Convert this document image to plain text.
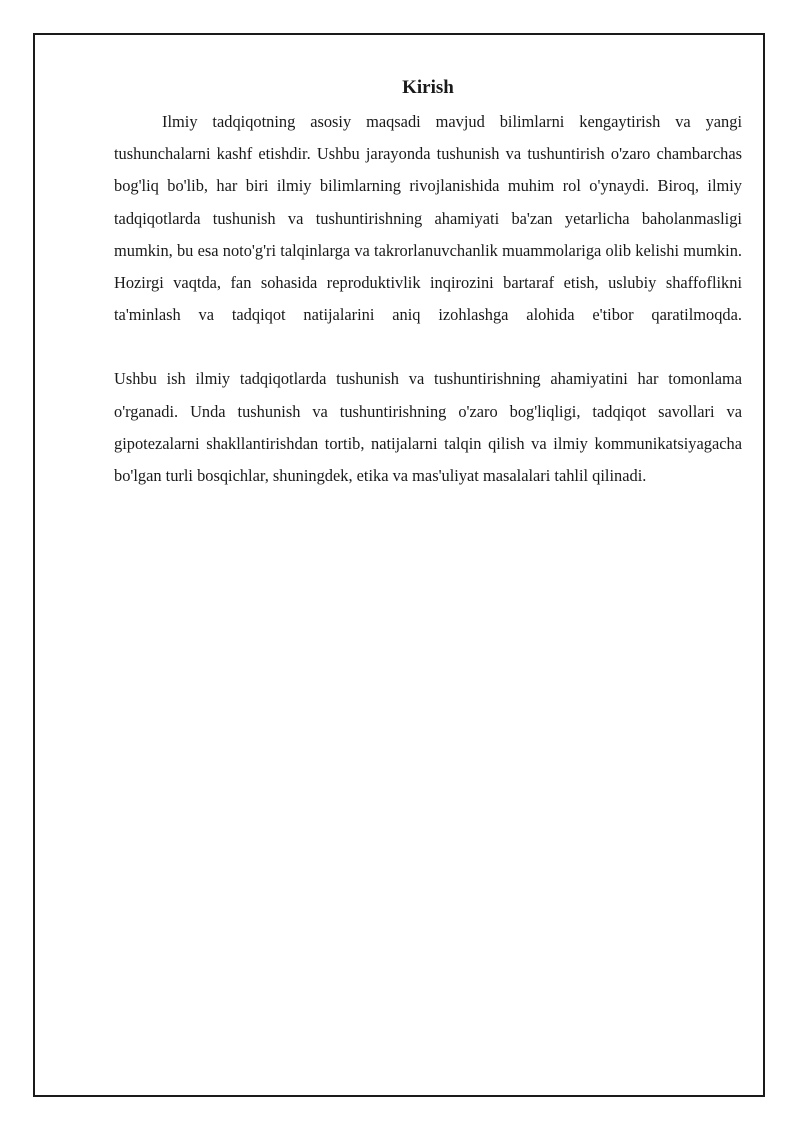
Kirish

Ilmiy tadqiqotning asosiy maqsadi mavjud bilimlarni kengaytirish va yangi tushunchalarni kashf etishdir. Ushbu jarayonda tushunish va tushuntirish o'zaro chambarchas bog'liq bo'lib, har biri ilmiy bilimlarning rivojlanishida muhim rol o'ynaydi. Biroq, ilmiy tadqiqotlarda tushunish va tushuntirishning ahamiyati ba'zan yetarlicha baholanmasligi mumkin, bu esa noto'g'ri talqinlarga va takrorlanuvchanlik muammolariga olib kelishi mumkin. Hozirgi vaqtda, fan sohasida reproduktivlik inqirozini bartaraf etish, uslubiy shaffoflikni ta'minlash va tadqiqot natijalarini aniq izohlashga alohida e'tibor qaratilmoqda.

Ushbu ish ilmiy tadqiqotlarda tushunish va tushuntirishning ahamiyatini har tomonlama o'rganadi. Unda tushunish va tushuntirishning o'zaro bog'liqligi, tadqiqot savollari va gipotezalarni shakllantirishdan tortib, natijalarni talqin qilish va ilmiy kommunikatsiyagacha bo'lgan turli bosqichlar, shuningdek, etika va mas'uliyat masalalari tahlil qilinadi.
